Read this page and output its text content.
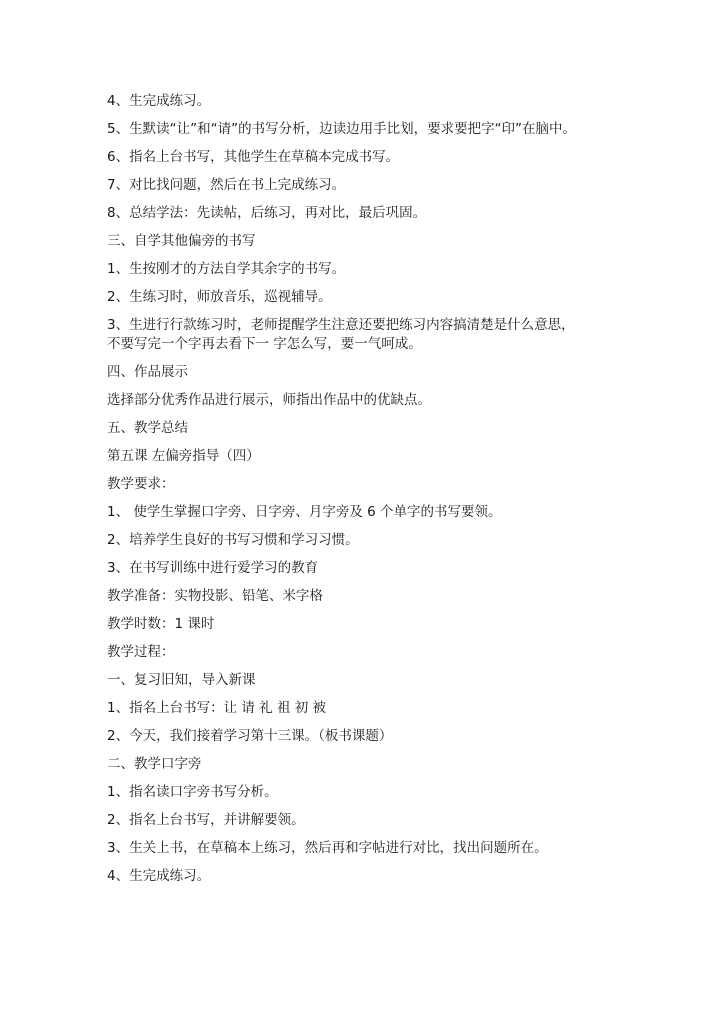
4、生完成练习。

5、生默读“让”和“请”的书写分析，边读边用手比划，要求要把字“印”在脑中。

6、指名上台书写，其他学生在草稿本完成书写。

7、对比找问题，然后在书上完成练习。

8、总结学法：先读帖，后练习，再对比，最后巩固。

三、自学其他偏旁的书写

1、生按刚才的方法自学其余字的书写。

2、生练习时，师放音乐，巡视辅导。

3、生进行行款练习时，老师提醒学生注意还要把练习内容搞清楚是什么意思，

不要写完一个字再去看下一 字怎么写，要一气呵成。

四、作品展示

选择部分优秀作品进行展示，师指出作品中的优缺点。

五、教学总结

第五课 左偏旁指导（四）

教学要求：

1、 使学生掌握口字旁、日字旁、月字旁及 6 个单字的书写要领。

2、培养学生良好的书写习惯和学习习惯。

3、在书写训练中进行爱学习的教育

教学准备：实物投影、铅笔、米字格

教学时数：1 课时

教学过程：

一、复习旧知，导入新课

1、指名上台书写：让 请 礼 祖 初 被

2、今天，我们接着学习第十三课。（板书课题）

二、教学口字旁

1、指名读口字旁书写分析。

2、指名上台书写，并讲解要领。

3、生关上书，在草稿本上练习，然后再和字帖进行对比，找出问题所在。

4、生完成练习。
